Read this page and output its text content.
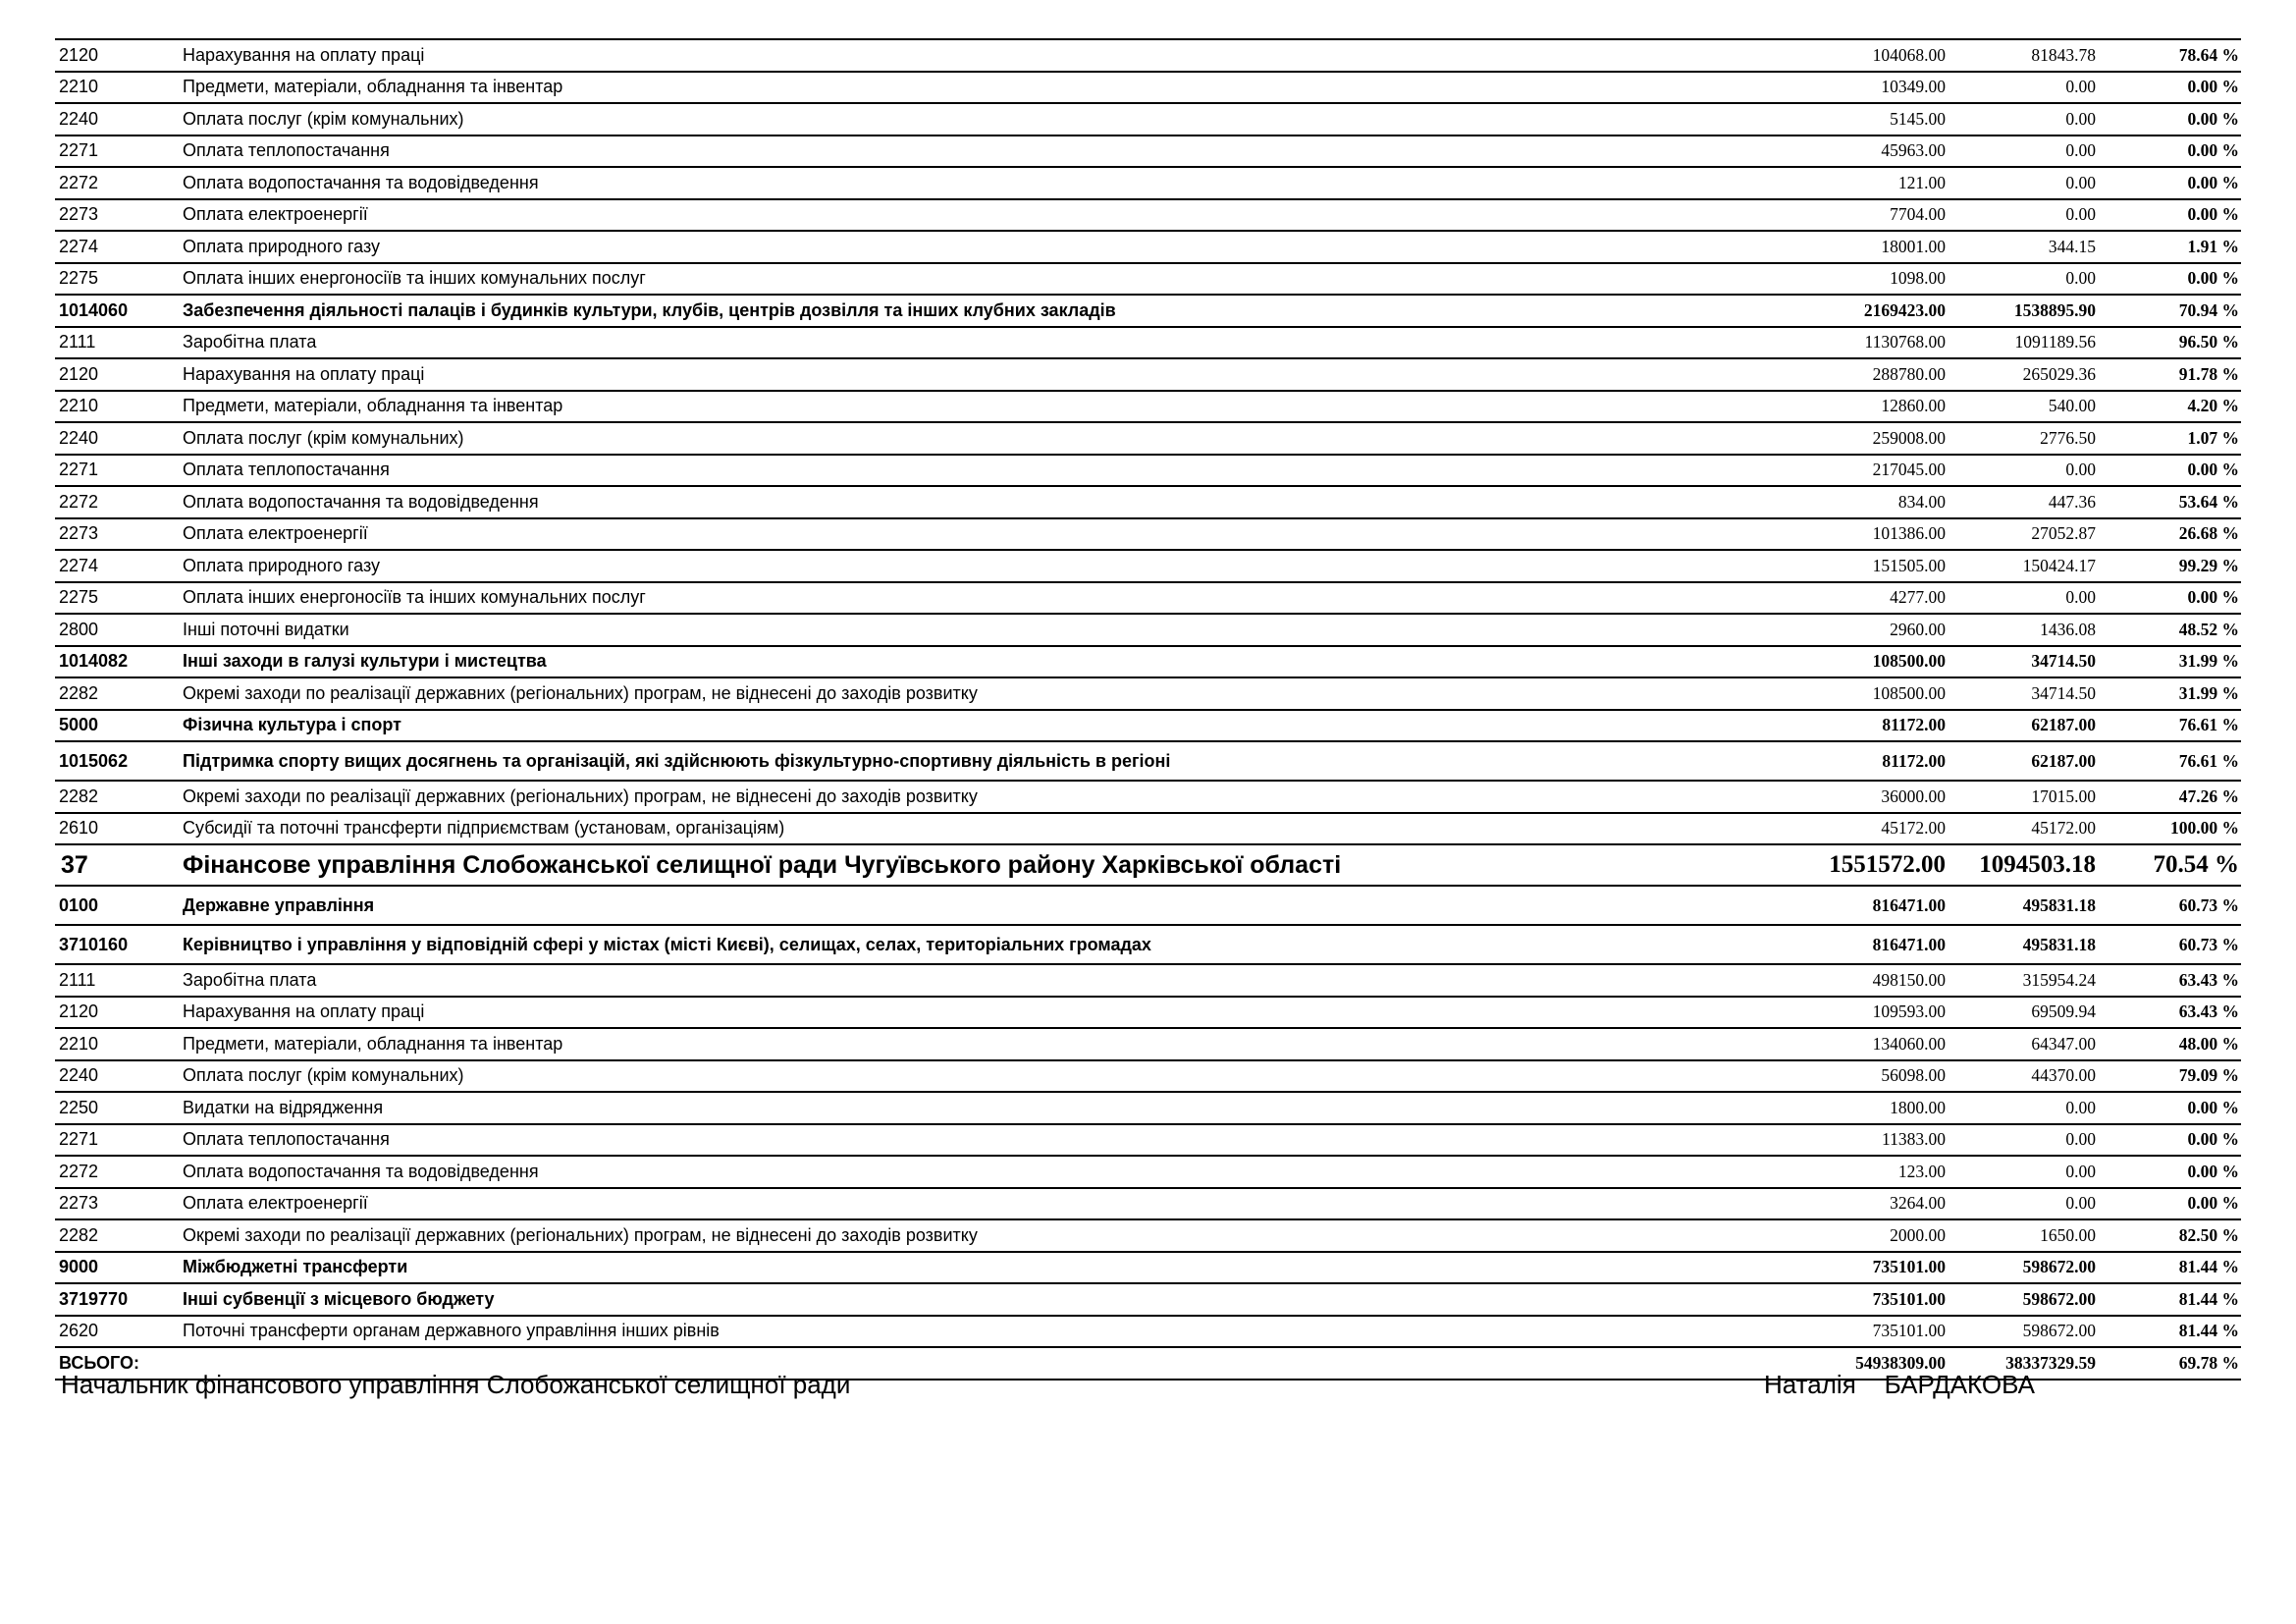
2120	Нарахування на оплату праці	104068.00	81843.78	78.64 %
2210	Предмети, матеріали, обладнання та інвентар	10349.00	0.00	0.00 %
2240	Оплата послуг (крім комунальних)	5145.00	0.00	0.00 %
2271	Оплата теплопостачання	45963.00	0.00	0.00 %
2272	Оплата водопостачання та водовідведення	121.00	0.00	0.00 %
2273	Оплата електроенергії	7704.00	0.00	0.00 %
2274	Оплата природного газу	18001.00	344.15	1.91 %
2275	Оплата інших енергоносіїв та інших комунальних послуг	1098.00	0.00	0.00 %
1014060	Забезпечення діяльності палаців і будинків культури, клубів, центрів дозвілля та інших клубних закладів	2169423.00	1538895.90	70.94 %
2111	Заробітна плата	1130768.00	1091189.56	96.50 %
2120	Нарахування на оплату праці	288780.00	265029.36	91.78 %
2210	Предмети, матеріали, обладнання та інвентар	12860.00	540.00	4.20 %
2240	Оплата послуг (крім комунальних)	259008.00	2776.50	1.07 %
2271	Оплата теплопостачання	217045.00	0.00	0.00 %
2272	Оплата водопостачання та водовідведення	834.00	447.36	53.64 %
2273	Оплата електроенергії	101386.00	27052.87	26.68 %
2274	Оплата природного газу	151505.00	150424.17	99.29 %
2275	Оплата інших енергоносіїв та інших комунальних послуг	4277.00	0.00	0.00 %
2800	Інші поточні видатки	2960.00	1436.08	48.52 %
1014082	Інші заходи в галузі культури і мистецтва	108500.00	34714.50	31.99 %
2282	Окремі заходи по реалізації державних (регіональних) програм, не віднесені до заходів розвитку	108500.00	34714.50	31.99 %
5000	Фізична культура і спорт	81172.00	62187.00	76.61 %
1015062	Підтримка спорту вищих досягнень та організацій, які здійснюють фізкультурно-спортивну діяльність в регіоні	81172.00	62187.00	76.61 %
2282	Окремі заходи по реалізації державних (регіональних) програм, не віднесені до заходів розвитку	36000.00	17015.00	47.26 %
2610	Субсидії та поточні трансферти підприємствам (установам, організаціям)	45172.00	45172.00	100.00 %
37	Фінансове управління Слобожанської селищної ради Чугуївського району Харківської області	1551572.00	1094503.18	70.54 %
0100	Державне управління	816471.00	495831.18	60.73 %
3710160	Керівництво і управління у відповідній сфері у містах (місті Києві), селищах, селах, територіальних громадах	816471.00	495831.18	60.73 %
2111	Заробітна плата	498150.00	315954.24	63.43 %
2120	Нарахування на оплату праці	109593.00	69509.94	63.43 %
2210	Предмети, матеріали, обладнання та інвентар	134060.00	64347.00	48.00 %
2240	Оплата послуг (крім комунальних)	56098.00	44370.00	79.09 %
2250	Видатки на відрядження	1800.00	0.00	0.00 %
2271	Оплата теплопостачання	11383.00	0.00	0.00 %
2272	Оплата водопостачання та водовідведення	123.00	0.00	0.00 %
2273	Оплата електроенергії	3264.00	0.00	0.00 %
2282	Окремі заходи по реалізації державних (регіональних) програм, не віднесені до заходів розвитку	2000.00	1650.00	82.50 %
9000	Міжбюджетні трансферти	735101.00	598672.00	81.44 %
3719770	Інші субвенції з місцевого бюджету	735101.00	598672.00	81.44 %
2620	Поточні трансферти органам державного управління інших рівнів	735101.00	598672.00	81.44 %
ВСЬОГО:		54938309.00	38337329.59	69.78 %
Начальник фінансового управління Слобожанської селищної ради	Наталія    БАРДАКОВА
